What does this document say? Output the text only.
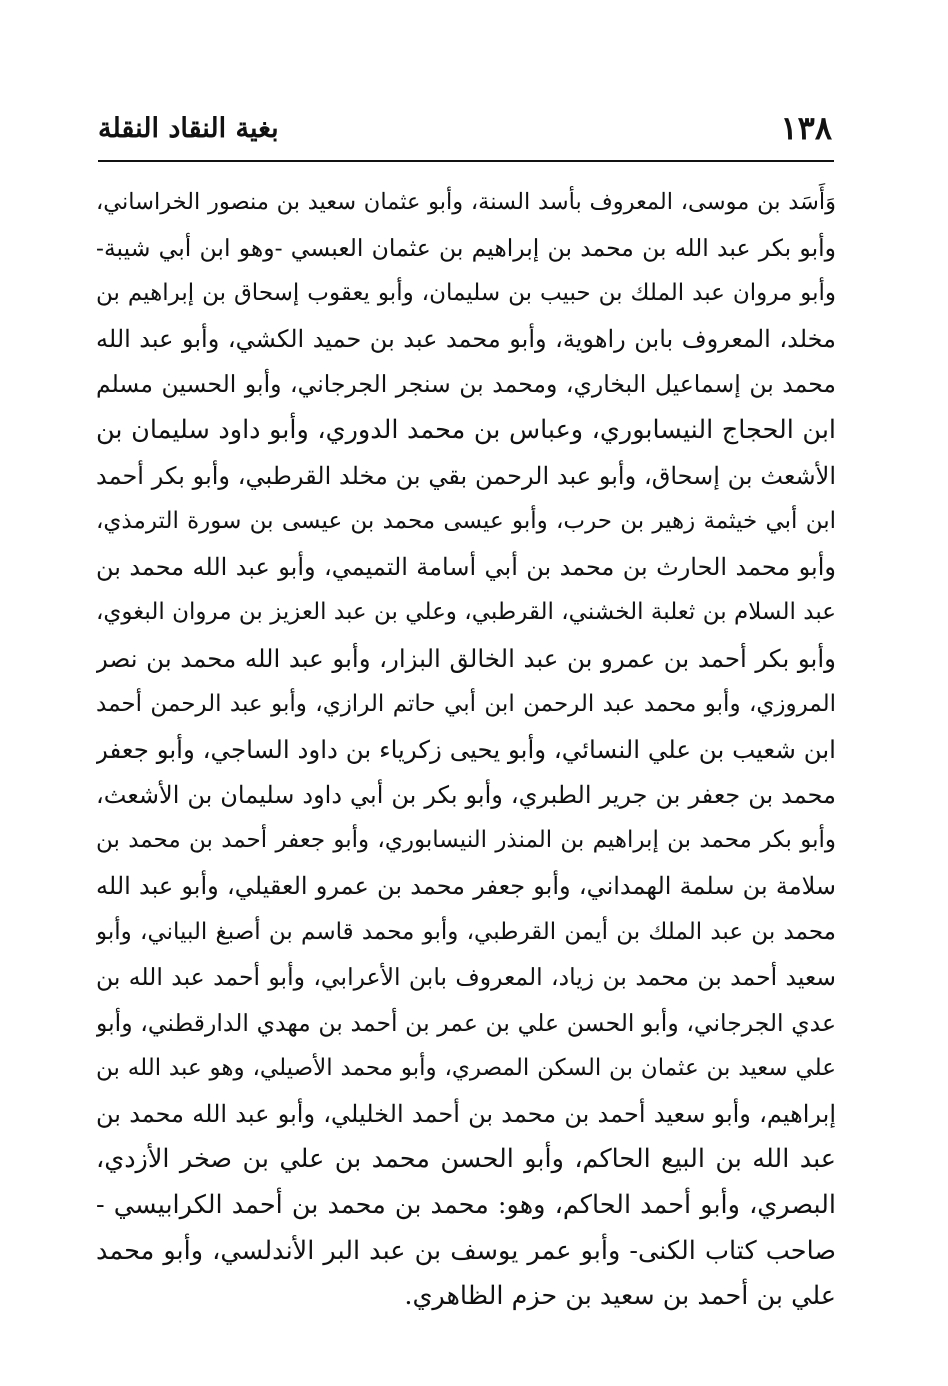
١٣٨
بغية النقاد النقلة
وَأَسَد بن موسى، المعروف بأسد السنة، وأبو عثمان سعيد بن منصور الخراساني،
وأبو بكر عبد الله بن محمد بن إبراهيم بن عثمان العبسي -وهو ابن أبي شيبة-
وأبو مروان عبد الملك بن حبيب بن سليمان، وأبو يعقوب إسحاق بن إبراهيم بن
مخلد، المعروف بابن راهوية، وأبو محمد عبد بن حميد الكشي، وأبو عبد الله
محمد بن إسماعيل البخاري، ومحمد بن سنجر الجرجاني، وأبو الحسين مسلم
ابن الحجاج النيسابوري، وعباس بن محمد الدوري، وأبو داود سليمان بن
الأشعث بن إسحاق، وأبو عبد الرحمن بقي بن مخلد القرطبي، وأبو بكر أحمد
ابن أبي خيثمة زهير بن حرب، وأبو عيسى محمد بن عيسى بن سورة الترمذي،
وأبو محمد الحارث بن محمد بن أبي أسامة التميمي، وأبو عبد الله محمد بن
عبد السلام بن ثعلبة الخشني، القرطبي، وعلي بن عبد العزيز بن مروان البغوي،
وأبو بكر أحمد بن عمرو بن عبد الخالق البزار، وأبو عبد الله محمد بن نصر
المروزي، وأبو محمد عبد الرحمن ابن أبي حاتم الرازي، وأبو عبد الرحمن أحمد
ابن شعيب بن علي النسائي، وأبو يحيى زكرياء بن داود الساجي، وأبو جعفر
محمد بن جعفر بن جرير الطبري، وأبو بكر بن أبي داود سليمان بن الأشعث،
وأبو بكر محمد بن إبراهيم بن المنذر النيسابوري، وأبو جعفر أحمد بن محمد بن
سلامة بن سلمة الهمداني، وأبو جعفر محمد بن عمرو العقيلي، وأبو عبد الله
محمد بن عبد الملك بن أيمن القرطبي، وأبو محمد قاسم بن أصبغ البياني، وأبو
سعيد أحمد بن محمد بن زياد، المعروف بابن الأعرابي، وأبو أحمد عبد الله بن
عدي الجرجاني، وأبو الحسن علي بن عمر بن أحمد بن مهدي الدارقطني، وأبو
علي سعيد بن عثمان بن السكن المصري، وأبو محمد الأصيلي، وهو عبد الله بن
إبراهيم، وأبو سعيد أحمد بن محمد بن أحمد الخليلي، وأبو عبد الله محمد بن
عبد الله بن البيع الحاكم، وأبو الحسن محمد بن علي بن صخر الأزدي،
البصري، وأبو أحمد الحاكم، وهو: محمد بن محمد بن أحمد الكرابيسي -
صاحب كتاب الكنى- وأبو عمر يوسف بن عبد البر الأندلسي، وأبو محمد
علي بن أحمد بن سعيد بن حزم الظاهري.
